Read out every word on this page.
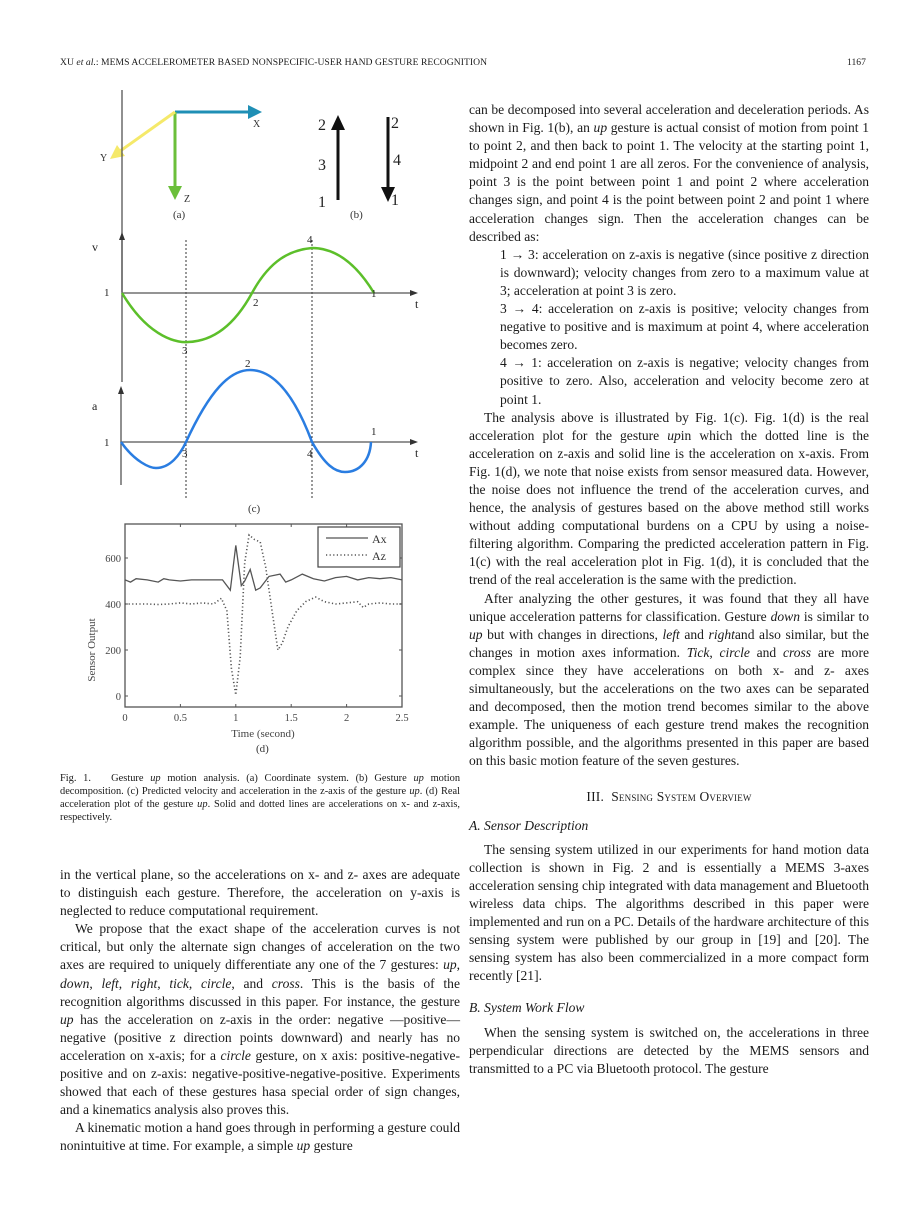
XU et al.: MEMS ACCELEROMETER BASED NONSPECIFIC-USER HAND GESTURE RECOGNITION	1167
X
Y
Z
(a)
2
3
1
2
4
1
(b)
v
1
2
3
4
1
t
a
1
2
3	4
1
t
(c)
0
200
400
600
0	0.5	1	1.5	2	2.5
Ax
Az
Sensor Output
Time (second)
(d)
Fig. 1. Gesture up motion analysis. (a) Coordinate system. (b) Gesture up motion decomposition. (c) Predicted velocity and acceleration in the z-axis of the gesture up. (d) Real acceleration plot of the gesture up. Solid and dotted lines are accelerations on x- and z-axis, respectively.

in the vertical plane, so the accelerations on x- and z- axes are adequate to distinguish each gesture. Therefore, the acceleration on y-axis is neglected to reduce computational requirement.

We propose that the exact shape of the acceleration curves is not critical, but only the alternate sign changes of acceleration on the two axes are required to uniquely differentiate any one of the 7 gestures: up, down, left, right, tick, circle, and cross. This is the basis of the recognition algorithms discussed in this paper. For instance, the gesture up has the acceleration on z-axis in the order: negative —positive— negative (positive z direction points downward) and nearly has no acceleration on x-axis; for a circle gesture, on x axis: positive-negative-positive and on z-axis: negative-positive-negative-positive. Experiments showed that each of these gestures hasa special order of sign changes, and a kinematics analysis also proves this.

A kinematic motion a hand goes through in performing a gesture could nonintuitive at time. For example, a simple up gesture

can be decomposed into several acceleration and deceleration periods. As shown in Fig. 1(b), an up gesture is actual consist of motion from point 1 to point 2, and then back to point 1. The velocity at the starting point 1, midpoint 2 and end point 1 are all zeros. For the convenience of analysis, point 3 is the point between point 1 and point 2 where acceleration changes sign, and point 4 is the point between point 2 and point 1 where acceleration changes sign. Then the acceleration changes can be described as:

1 → 3: acceleration on z-axis is negative (since positive z direction is downward); velocity changes from zero to a maximum value at 3; acceleration at point 3 is zero.

3 → 4: acceleration on z-axis is positive; velocity changes from negative to positive and is maximum at point 4, where acceleration becomes zero.

4 → 1: acceleration on z-axis is negative; velocity changes from positive to zero. Also, acceleration and velocity become zero at point 1.

The analysis above is illustrated by Fig. 1(c). Fig. 1(d) is the real acceleration plot for the gesture upin which the dotted line is the acceleration on z-axis and solid line is the acceleration on x-axis. From Fig. 1(d), we note that noise exists from sensor measured data. However, the noise does not influence the trend of the acceleration curves, and hence, the analysis of gestures based on the above method still works without adding computational burdens on a CPU by using a noise-filtering algorithm. Comparing the predicted acceleration pattern in Fig. 1(c) with the real acceleration plot in Fig. 1(d), it is concluded that the trend of the real acceleration is the same with the prediction.

After analyzing the other gestures, it was found that they all have unique acceleration patterns for classification. Gesture down is similar to up but with changes in directions, left and rightand also similar, but the changes in motion axes information. Tick, circle and cross are more complex since they have accelerations on both x- and z- axes simultaneously, but the accelerations on the two axes can be separated and decomposed, then the motion trend becomes similar to the above example. The uniqueness of each gesture trend makes the recognition algorithm possible, and the algorithms presented in this paper are based on this basic motion feature of the seven gestures.

III. Sensing System Overview

A. Sensor Description

The sensing system utilized in our experiments for hand motion data collection is shown in Fig. 2 and is essentially a MEMS 3-axes acceleration sensing chip integrated with data management and Bluetooth wireless data chips. The algorithms described in this paper were implemented and run on a PC. Details of the hardware architecture of this sensing system were published by our group in [19] and [20]. The sensing system has also been commercialized in a more compact form recently [21].

B. System Work Flow

When the sensing system is switched on, the accelerations in three perpendicular directions are detected by the MEMS sensors and transmitted to a PC via Bluetooth protocol. The gesture
